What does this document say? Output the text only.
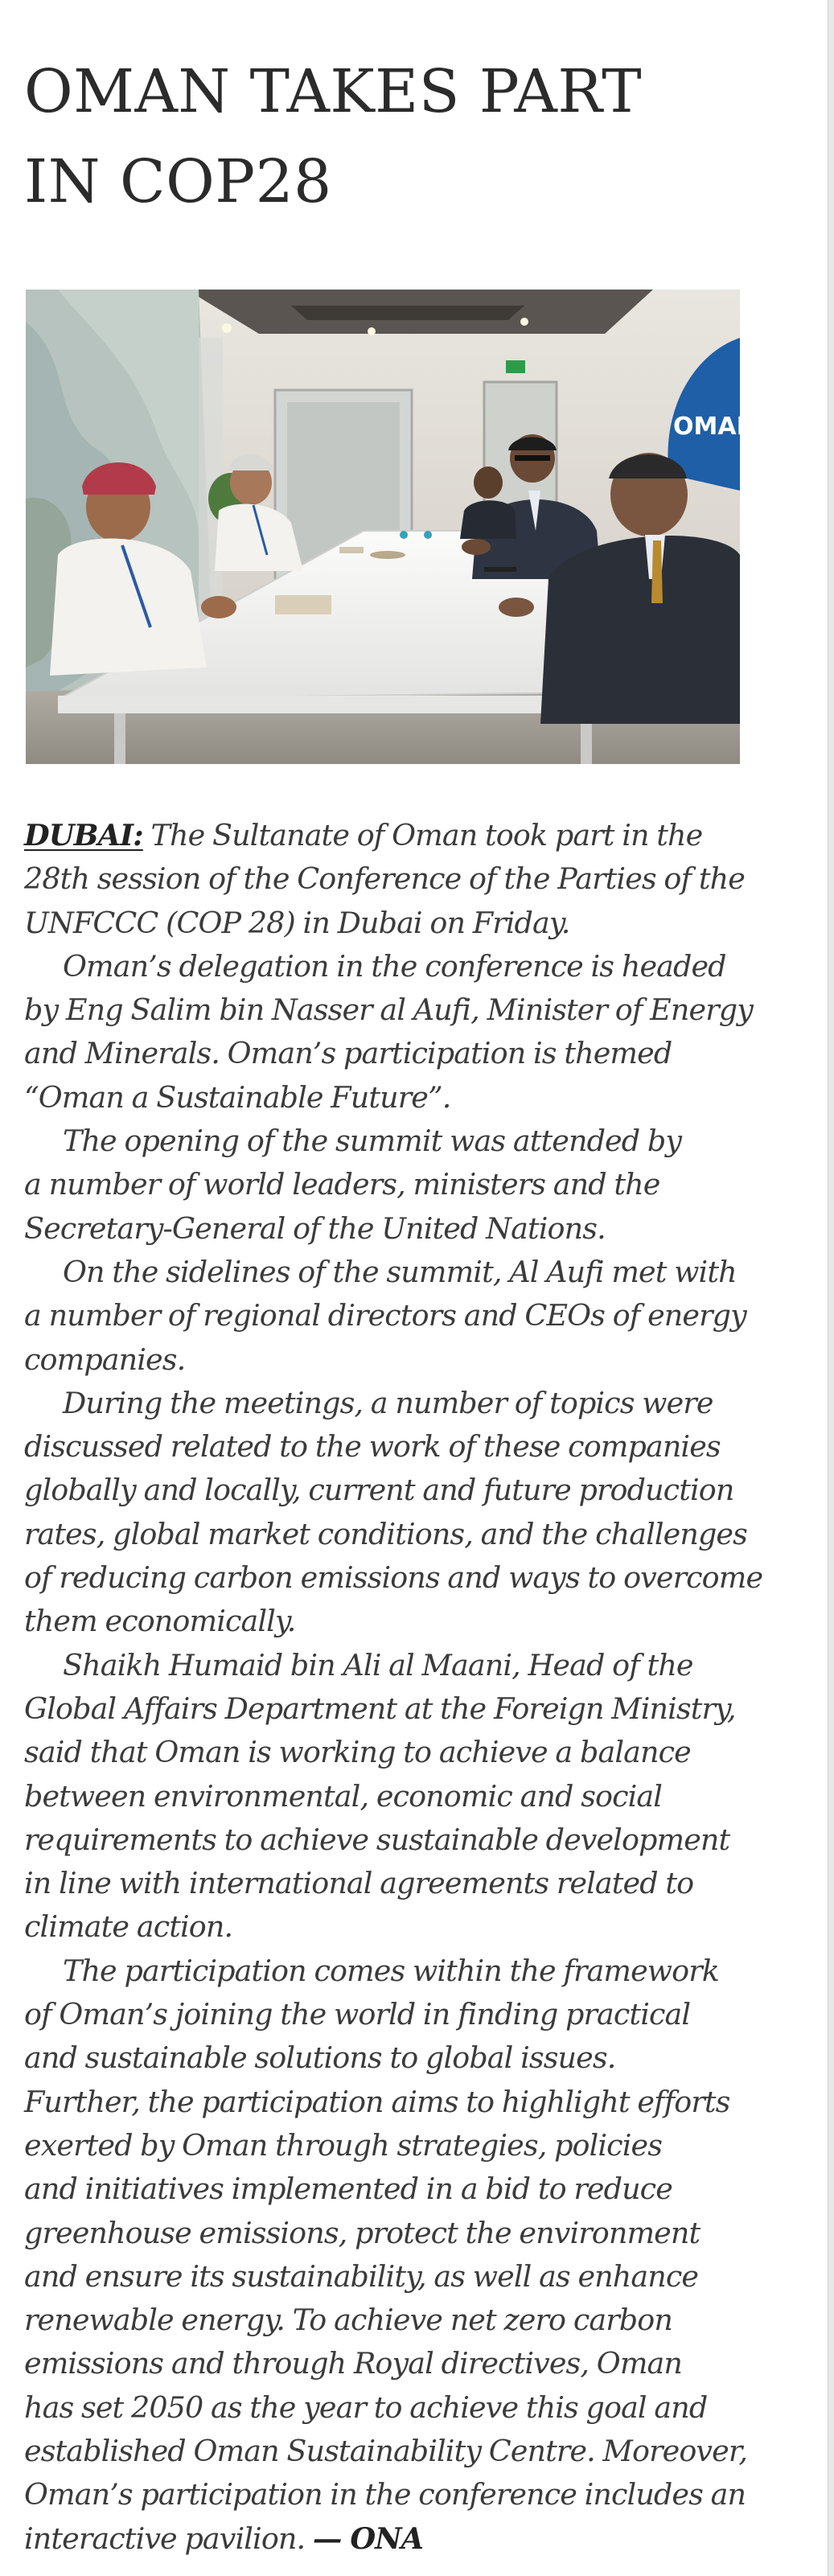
OMAN TAKES PART
IN COP28
OMAN
DUBAI: The Sultanate of Oman took part in the
28th session of the Conference of the Parties of the
UNFCCC (COP 28) in Dubai on Friday.
Oman’s delegation in the conference is headed
by Eng Salim bin Nasser al Aufi, Minister of Energy
and Minerals. Oman’s participation is themed
“Oman a Sustainable Future”.
The opening of the summit was attended by
a number of world leaders, ministers and the
Secretary-General of the United Nations.
On the sidelines of the summit, Al Aufi met with
a number of regional directors and CEOs of energy
companies.
During the meetings, a number of topics were
discussed related to the work of these companies
globally and locally, current and future production
rates, global market conditions, and the challenges
of reducing carbon emissions and ways to overcome
them economically.
Shaikh Humaid bin Ali al Maani, Head of the
Global Affairs Department at the Foreign Ministry,
said that Oman is working to achieve a balance
between environmental, economic and social
requirements to achieve sustainable development
in line with international agreements related to
climate action.
The participation comes within the framework
of Oman’s joining the world in finding practical
and sustainable solutions to global issues.
Further, the participation aims to highlight efforts
exerted by Oman through strategies, policies
and initiatives implemented in a bid to reduce
greenhouse emissions, protect the environment
and ensure its sustainability, as well as enhance
renewable energy. To achieve net zero carbon
emissions and through Royal directives, Oman
has set 2050 as the year to achieve this goal and
established Oman Sustainability Centre. Moreover,
Oman’s participation in the conference includes an
interactive pavilion. — ONA
